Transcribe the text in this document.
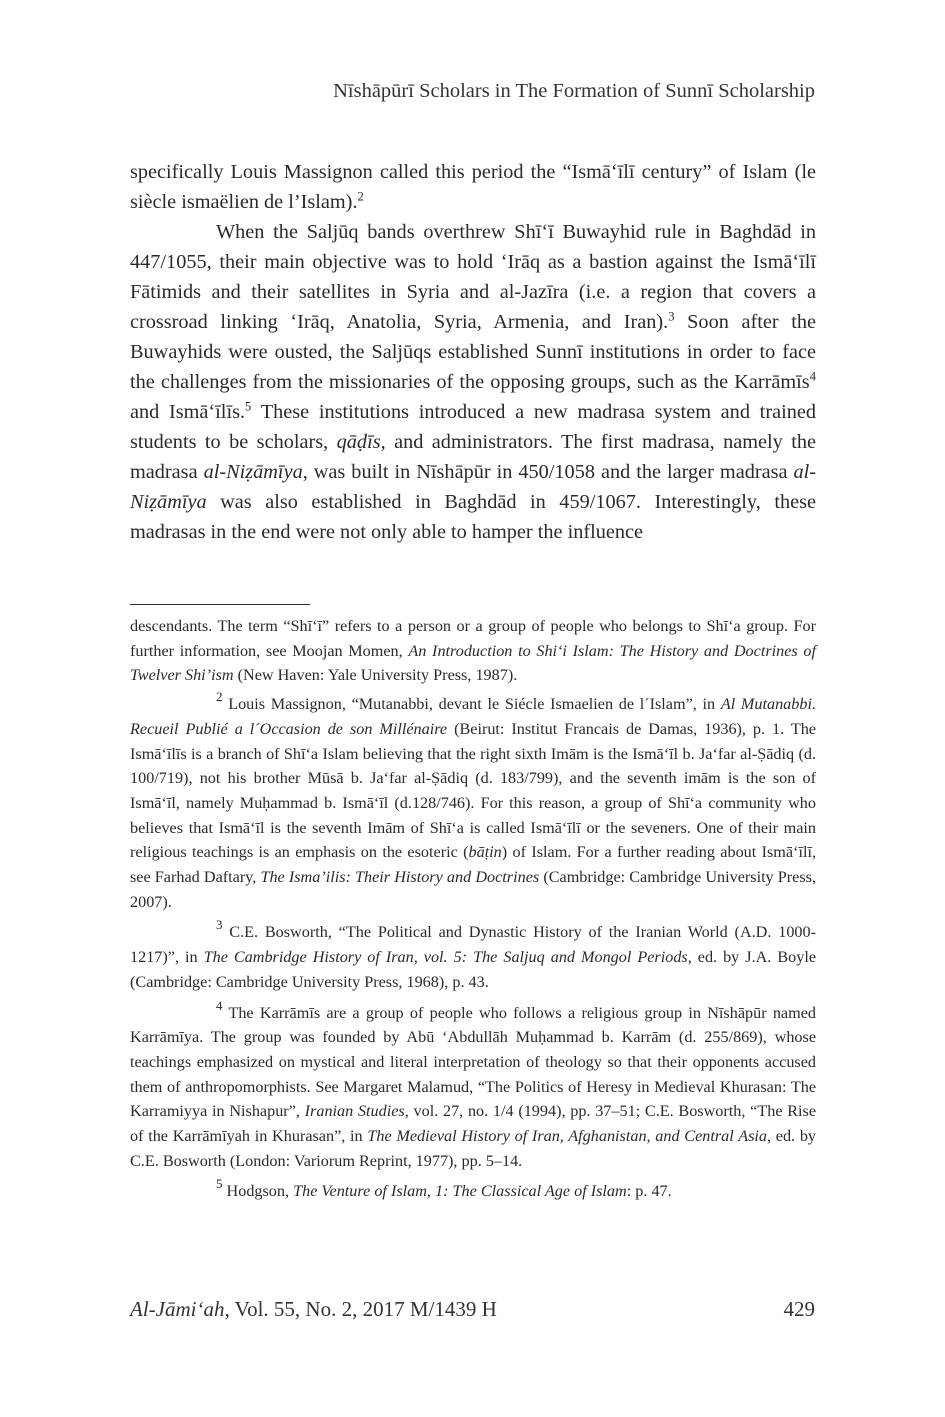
Nīshāpūrī Scholars in The Formation of Sunnī Scholarship

specifically Louis Massignon called this period the “Ismā‘īlī century” of Islam (le siècle ismaëlien de l’Islam).$^2$

When the Saljūq bands overthrew Shī‘ī Buwayhid rule in Baghdād in 447/1055, their main objective was to hold ‘Irāq as a bastion against the Ismā‘īlī Fātimids and their satellites in Syria and al-Jazīra (i.e. a region that covers a crossroad linking ‘Irāq, Anatolia, Syria, Armenia, and Iran).$^3$ Soon after the Buwayhids were ousted, the Saljūqs established Sunnī institutions in order to face the challenges from the missionaries of the opposing groups, such as the Karrāmīs$^4$ and Ismā‘īlīs.$^5$ These institutions introduced a new madrasa system and trained students to be scholars, qāḍīs, and administrators. The first madrasa, namely the madrasa al-Niẓāmīya, was built in Nīshāpūr in 450/1058 and the larger madrasa al-Niẓāmīya was also established in Baghdād in 459/1067. Interestingly, these madrasas in the end were not only able to hamper the influence

descendants. The term “Shī‘ī” refers to a person or a group of people who belongs to Shī‘a group. For further information, see Moojan Momen, An Introduction to Shi‘i Islam: The History and Doctrines of Twelver Shi’ism (New Haven: Yale University Press, 1987).

$^2$ Louis Massignon, “Mutanabbi, devant le Siécle Ismaelien de l´Islam”, in Al Mutanabbi. Recueil Publié a l´Occasion de son Millénaire (Beirut: Institut Francais de Damas, 1936), p. 1. The Ismā‘īlīs is a branch of Shī‘a Islam believing that the right sixth Imām is the Ismā‘īl b. Ja‘far al-Ṣādiq (d. 100/719), not his brother Mūsā b. Ja‘far al-Ṣādiq (d. 183/799), and the seventh imām is the son of Ismā‘īl, namely Muḥammad b. Ismā‘īl (d.128/746). For this reason, a group of Shī‘a community who believes that Ismā‘īl is the seventh Imām of Shī‘a is called Ismā‘īlī or the seveners. One of their main religious teachings is an emphasis on the esoteric (bāṭin) of Islam. For a further reading about Ismā‘īlī, see Farhad Daftary, The Isma’ilis: Their History and Doctrines (Cambridge: Cambridge University Press, 2007).

$^3$ C.E. Bosworth, “The Political and Dynastic History of the Iranian World (A.D. 1000-1217)”, in The Cambridge History of Iran, vol. 5: The Saljuq and Mongol Periods, ed. by J.A. Boyle (Cambridge: Cambridge University Press, 1968), p. 43.

$^4$ The Karrāmīs are a group of people who follows a religious group in Nīshāpūr named Karrāmīya. The group was founded by Abū ‘Abdullāh Muḥammad b. Karrām (d. 255/869), whose teachings emphasized on mystical and literal interpretation of theology so that their opponents accused them of anthropomorphists. See Margaret Malamud, “The Politics of Heresy in Medieval Khurasan: The Karramiyya in Nishapur”, Iranian Studies, vol. 27, no. 1/4 (1994), pp. 37–51; C.E. Bosworth, “The Rise of the Karrāmīyah in Khurasan”, in The Medieval History of Iran, Afghanistan, and Central Asia, ed. by C.E. Bosworth (London: Variorum Reprint, 1977), pp. 5–14.

$^5$ Hodgson, The Venture of Islam, 1: The Classical Age of Islam: p. 47.

Al-Jāmi‘ah, Vol. 55, No. 2, 2017 M/1439 H	429
